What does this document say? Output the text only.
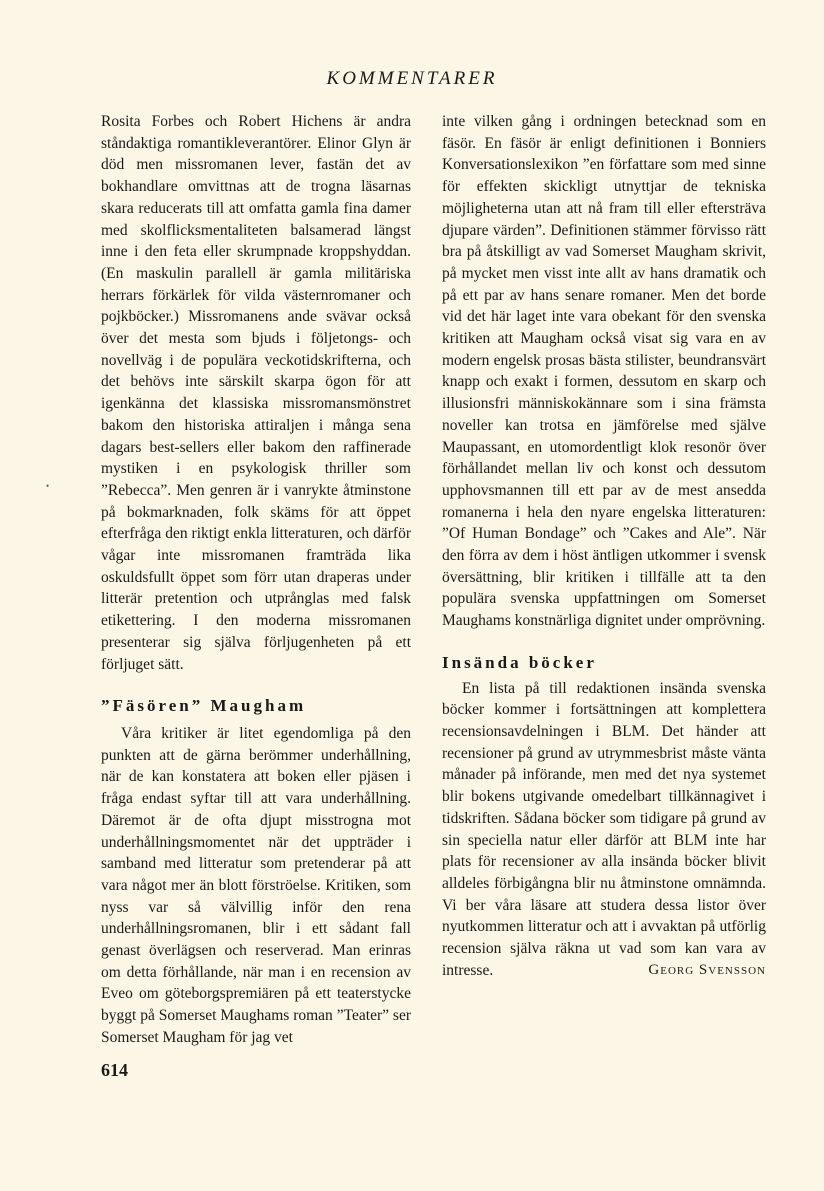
KOMMENTARER
•

Rosita Forbes och Robert Hichens är andra ståndaktiga romantikleverantörer. Elinor Glyn är död men missromanen lever, fastän det av bokhandlare omvittnas att de trogna läsarnas skara reducerats till att omfatta gamla fina damer med skolflicksmentaliteten balsamerad längst inne i den feta eller skrumpnade kroppshyddan. (En maskulin parallell är gamla militäriska herrars förkärlek för vilda västernromaner och pojkböcker.) Missromanens ande svävar också över det mesta som bjuds i följetongs- och novellväg i de populära veckotidskrifterna, och det behövs inte särskilt skarpa ögon för att igenkänna det klassiska missromansmönstret bakom den historiska attiraljen i många sena dagars best-sellers eller bakom den raffinerade mystiken i en psykologisk thriller som ”Rebecca”. Men genren är i vanrykte åtminstone på bokmarknaden, folk skäms för att öppet efterfråga den riktigt enkla litteraturen, och därför vågar inte missromanen framträda lika oskuldsfullt öppet som förr utan draperas under litterär pretention och utprånglas med falsk etikettering. I den moderna missromanen presenterar sig själva förljugenheten på ett förljuget sätt.

”Fäsören” Maugham

Våra kritiker är litet egendomliga på den punkten att de gärna berömmer underhållning, när de kan konstatera att boken eller pjäsen i fråga endast syftar till att vara underhållning. Däremot är de ofta djupt misstrogna mot underhållningsmomentet när det uppträder i samband med litteratur som pretenderar på att vara något mer än blott förströelse. Kritiken, som nyss var så välvillig inför den rena underhållningsromanen, blir i ett sådant fall genast överlägsen och reserverad. Man erinras om detta förhållande, när man i en recension av Eveo om göteborgspremiären på ett teaterstycke byggt på Somerset Maughams roman ”Teater” ser Somerset Maugham för jag vet

inte vilken gång i ordningen betecknad som en fäsör. En fäsör är enligt definitionen i Bonniers Konversationslexikon ”en författare som med sinne för effekten skickligt utnyttjar de tekniska möjligheterna utan att nå fram till eller eftersträva djupare värden”. Definitionen stämmer förvisso rätt bra på åtskilligt av vad Somerset Maugham skrivit, på mycket men visst inte allt av hans dramatik och på ett par av hans senare romaner. Men det borde vid det här laget inte vara obekant för den svenska kritiken att Maugham också visat sig vara en av modern engelsk prosas bästa stilister, beundransvärt knapp och exakt i formen, dessutom en skarp och illusionsfri människokännare som i sina främsta noveller kan trotsa en jämförelse med själve Maupassant, en utomordentligt klok resonör över förhållandet mellan liv och konst och dessutom upphovsmannen till ett par av de mest ansedda romanerna i hela den nyare engelska litteraturen: ”Of Human Bondage” och ”Cakes and Ale”. När den förra av dem i höst äntligen utkommer i svensk översättning, blir kritiken i tillfälle att ta den populära svenska uppfattningen om Somerset Maughams konstnärliga dignitet under omprövning.

Insända böcker

En lista på till redaktionen insända svenska böcker kommer i fortsättningen att komplettera recensionsavdelningen i BLM. Det händer att recensioner på grund av utrymmesbrist måste vänta månader på införande, men med det nya systemet blir bokens utgivande omedelbart tillkännagivet i tidskriften. Sådana böcker som tidigare på grund av sin speciella natur eller därför att BLM inte har plats för recensioner av alla insända böcker blivit alldeles förbigångna blir nu åtminstone omnämnda. Vi ber våra läsare att studera dessa listor över nyutkommen litteratur och att i avvaktan på utförlig recension själva räkna ut vad som kan vara av intresse.	Georg Svensson

614
